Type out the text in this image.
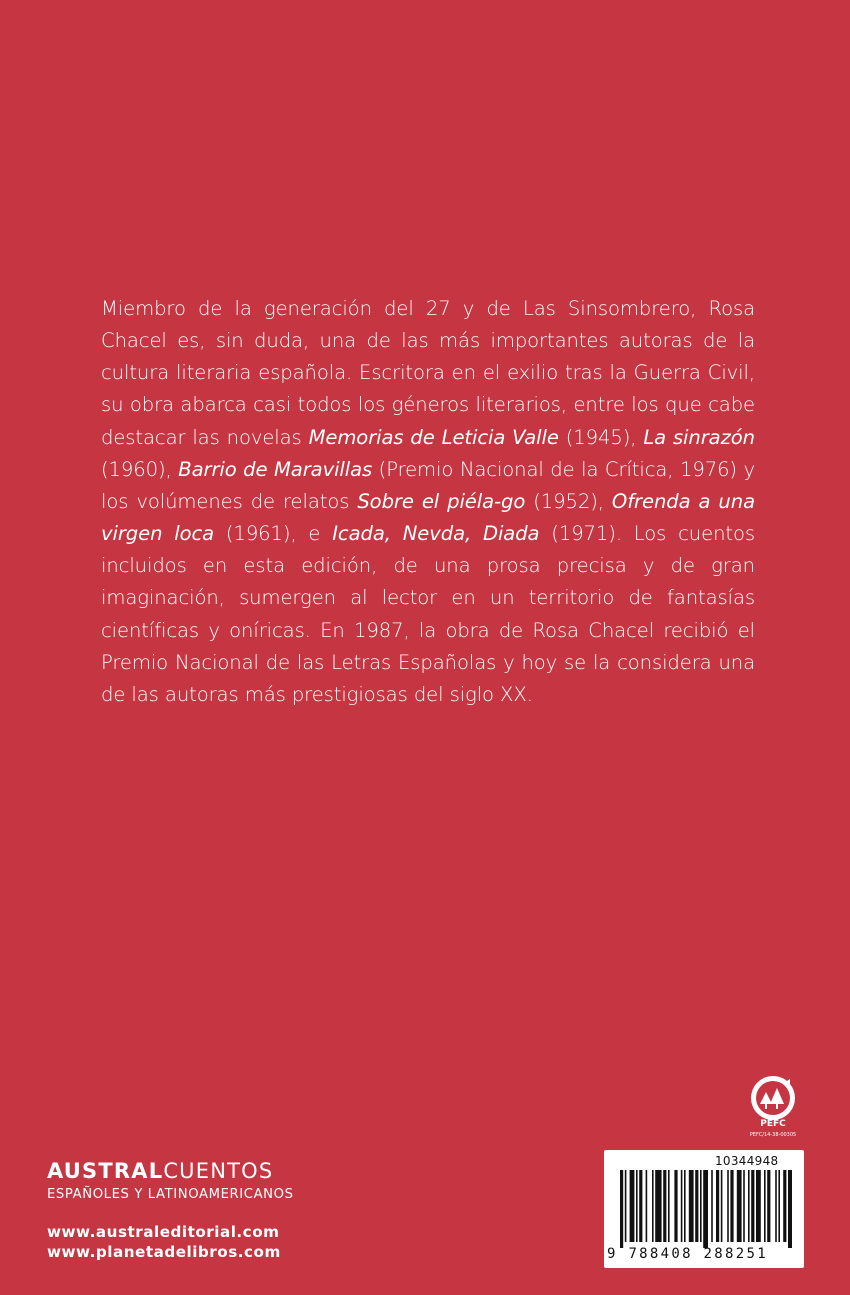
Miembro de la generación del 27 y de Las Sinsombrero, Rosa Chacel es, sin duda, una de las más importantes autoras de la cultura literaria española. Escritora en el exilio tras la Guerra Civil, su obra abarca casi todos los géneros literarios, entre los que cabe destacar las novelas Memorias de Leticia Valle (1945), La sinrazón (1960), Barrio de Maravillas (Premio Nacional de la Crítica, 1976) y los volúmenes de relatos Sobre el piéla-go (1952), Ofrenda a una virgen loca (1961), e Icada, Nevda, Diada (1971). Los cuentos incluidos en esta edición, de una prosa precisa y de gran imaginación, sumergen al lector en un territorio de fantasías científicas y oníricas. En 1987, la obra de Rosa Chacel recibió el Premio Nacional de las Letras Españolas y hoy se la considera una de las autoras más prestigiosas del siglo XX.

AUSTRALCUENTOS
ESPAÑOLES Y LATINOAMERICANOS
www.australeditorial.com
www.planetadelibros.com
PEFC
PEFC/14-38-00305
10344948
9 788408 288251
